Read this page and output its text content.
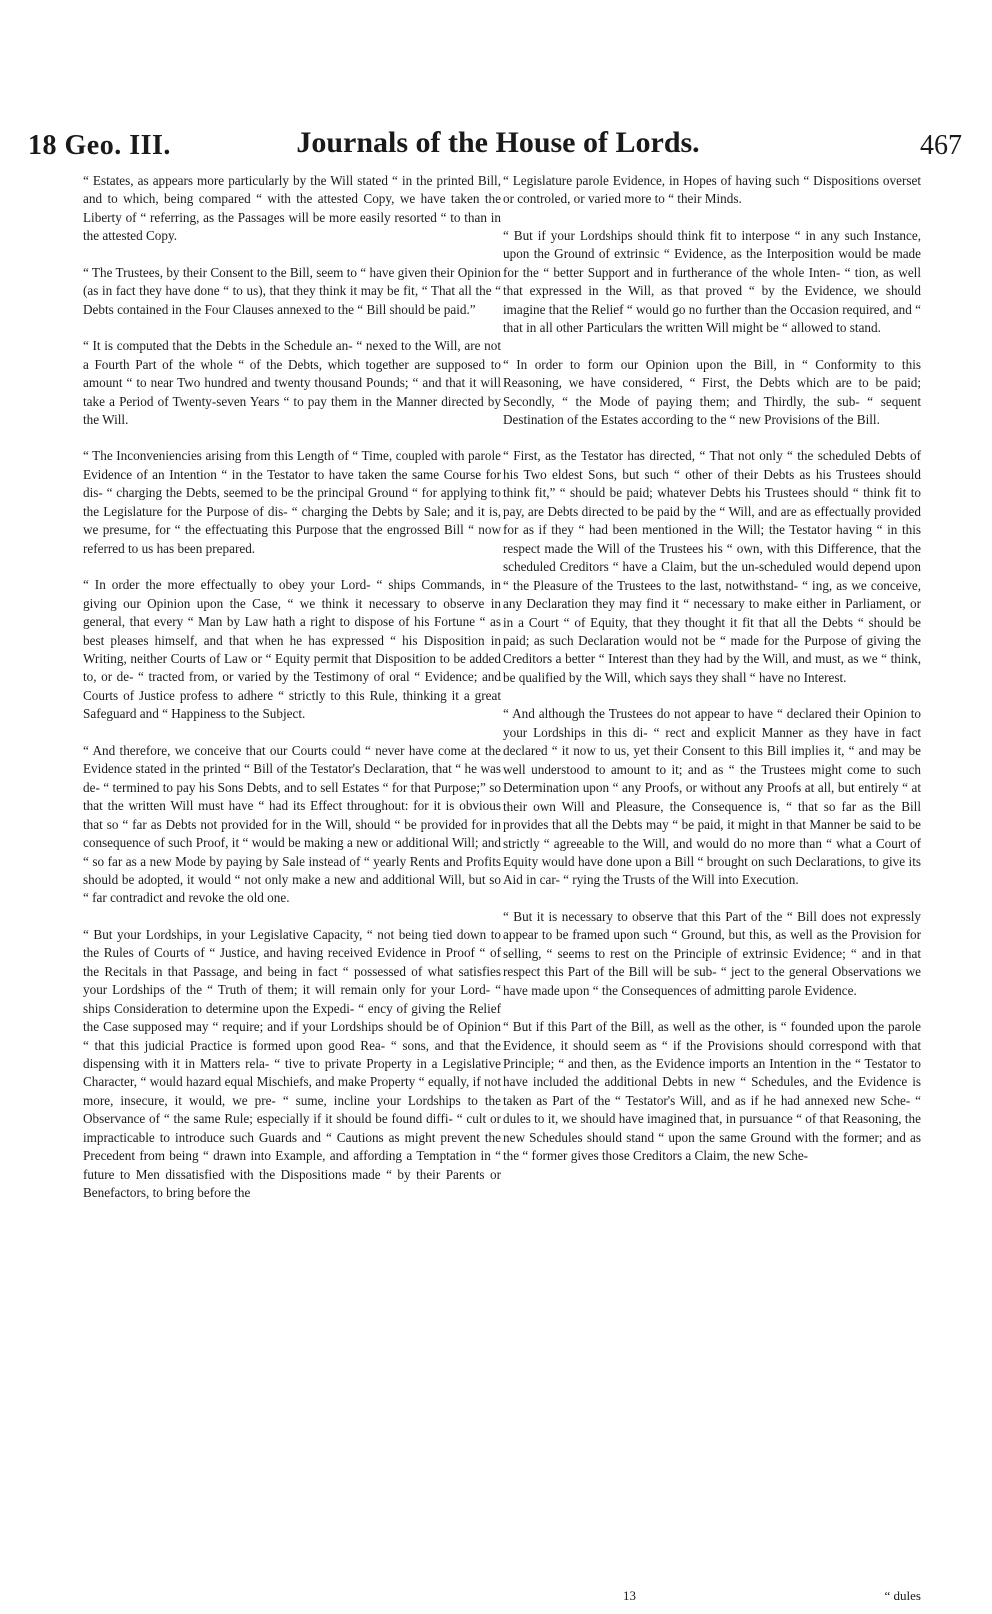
18 Geo. III.	Journals of the House of Lords.	467

“ Estates, as appears more particularly by the Will stated “ in the printed Bill, and to which, being compared “ with the attested Copy, we have taken the Liberty of “ referring, as the Passages will be more easily resorted “ to than in the attested Copy.

“ The Trustees, by their Consent to the Bill, seem to “ have given their Opinion (as in fact they have done “ to us), that they think it may be fit, “ That all the “ Debts contained in the Four Clauses annexed to the “ Bill should be paid.”

“ It is computed that the Debts in the Schedule an- “ nexed to the Will, are not a Fourth Part of the whole “ of the Debts, which together are supposed to amount “ to near Two hundred and twenty thousand Pounds; “ and that it will take a Period of Twenty-seven Years “ to pay them in the Manner directed by the Will.

“ The Inconveniencies arising from this Length of “ Time, coupled with parole Evidence of an Intention “ in the Testator to have taken the same Course for dis- “ charging the Debts, seemed to be the principal Ground “ for applying to the Legislature for the Purpose of dis- “ charging the Debts by Sale; and it is, we presume, for “ the effectuating this Purpose that the engrossed Bill “ now referred to us has been prepared.

“ In order the more effectually to obey your Lord- “ ships Commands, in giving our Opinion upon the Case, “ we think it necessary to observe in general, that every “ Man by Law hath a right to dispose of his Fortune “ as best pleases himself, and that when he has expressed “ his Disposition in Writing, neither Courts of Law or “ Equity permit that Disposition to be added to, or de- “ tracted from, or varied by the Testimony of oral “ Evidence; and Courts of Justice profess to adhere “ strictly to this Rule, thinking it a great Safeguard and “ Happiness to the Subject.

“ And therefore, we conceive that our Courts could “ never have come at the Evidence stated in the printed “ Bill of the Testator's Declaration, that “ he was de- “ termined to pay his Sons Debts, and to sell Estates “ for that Purpose;” so that the written Will must have “ had its Effect throughout: for it is obvious that so “ far as Debts not provided for in the Will, should “ be provided for in consequence of such Proof, it “ would be making a new or additional Will; and “ so far as a new Mode by paying by Sale instead of “ yearly Rents and Profits should be adopted, it would “ not only make a new and additional Will, but so “ far contradict and revoke the old one.

“ But your Lordships, in your Legislative Capacity, “ not being tied down to the Rules of Courts of “ Justice, and having received Evidence in Proof “ of the Recitals in that Passage, and being in fact “ possessed of what satisfies your Lordships of the “ Truth of them; it will remain only for your Lord- “ ships Consideration to determine upon the Expedi- “ ency of giving the Relief the Case supposed may “ require; and if your Lordships should be of Opinion “ that this judicial Practice is formed upon good Rea- “ sons, and that the dispensing with it in Matters rela- “ tive to private Property in a Legislative Character, “ would hazard equal Mischiefs, and make Property “ equally, if not more, insecure, it would, we pre- “ sume, incline your Lordships to the Observance of “ the same Rule; especially if it should be found diffi- “ cult or impracticable to introduce such Guards and “ Cautions as might prevent the Precedent from being “ drawn into Example, and affording a Temptation in “ future to Men dissatisfied with the Dispositions made “ by their Parents or Benefactors, to bring before the

“ Legislature parole Evidence, in Hopes of having such “ Dispositions overset or controled, or varied more to “ their Minds.

“ But if your Lordships should think fit to interpose “ in any such Instance, upon the Ground of extrinsic “ Evidence, as the Interposition would be made for the “ better Support and in furtherance of the whole Inten- “ tion, as well that expressed in the Will, as that proved “ by the Evidence, we should imagine that the Relief “ would go no further than the Occasion required, and “ that in all other Particulars the written Will might be “ allowed to stand.

“ In order to form our Opinion upon the Bill, in “ Conformity to this Reasoning, we have considered, “ First, the Debts which are to be paid; Secondly, “ the Mode of paying them; and Thirdly, the sub- “ sequent Destination of the Estates according to the “ new Provisions of the Bill.

“ First, as the Testator has directed, “ That not only “ the scheduled Debts of his Two eldest Sons, but such “ other of their Debts as his Trustees should think fit,” “ should be paid; whatever Debts his Trustees should “ think fit to pay, are Debts directed to be paid by the “ Will, and are as effectually provided for as if they “ had been mentioned in the Will; the Testator having “ in this respect made the Will of the Trustees his “ own, with this Difference, that the scheduled Creditors “ have a Claim, but the un-scheduled would depend upon “ the Pleasure of the Trustees to the last, notwithstand- “ ing, as we conceive, any Declaration they may find it “ necessary to make either in Parliament, or in a Court “ of Equity, that they thought it fit that all the Debts “ should be paid; as such Declaration would not be “ made for the Purpose of giving the Creditors a better “ Interest than they had by the Will, and must, as we “ think, be qualified by the Will, which says they shall “ have no Interest.

“ And although the Trustees do not appear to have “ declared their Opinion to your Lordships in this di- “ rect and explicit Manner as they have in fact declared “ it now to us, yet their Consent to this Bill implies it, “ and may be well understood to amount to it; and as “ the Trustees might come to such Determination upon “ any Proofs, or without any Proofs at all, but entirely “ at their own Will and Pleasure, the Consequence is, “ that so far as the Bill provides that all the Debts may “ be paid, it might in that Manner be said to be strictly “ agreeable to the Will, and would do no more than “ what a Court of Equity would have done upon a Bill “ brought on such Declarations, to give its Aid in car- “ rying the Trusts of the Will into Execution.

“ But it is necessary to observe that this Part of the “ Bill does not expressly appear to be framed upon such “ Ground, but this, as well as the Provision for selling, “ seems to rest on the Principle of extrinsic Evidence; “ and in that respect this Part of the Bill will be sub- “ ject to the general Observations we have made upon “ the Consequences of admitting parole Evidence.

“ But if this Part of the Bill, as well as the other, is “ founded upon the parole Evidence, it should seem as “ if the Provisions should correspond with that Principle; “ and then, as the Evidence imports an Intention in the “ Testator to have included the additional Debts in new “ Schedules, and the Evidence is taken as Part of the “ Testator's Will, and as if he had annexed new Sche- “ dules to it, we should have imagined that, in pursuance “ of that Reasoning, the new Schedules should stand “ upon the same Ground with the former; and as the “ former gives those Creditors a Claim, the new Sche-

13	“ dules
